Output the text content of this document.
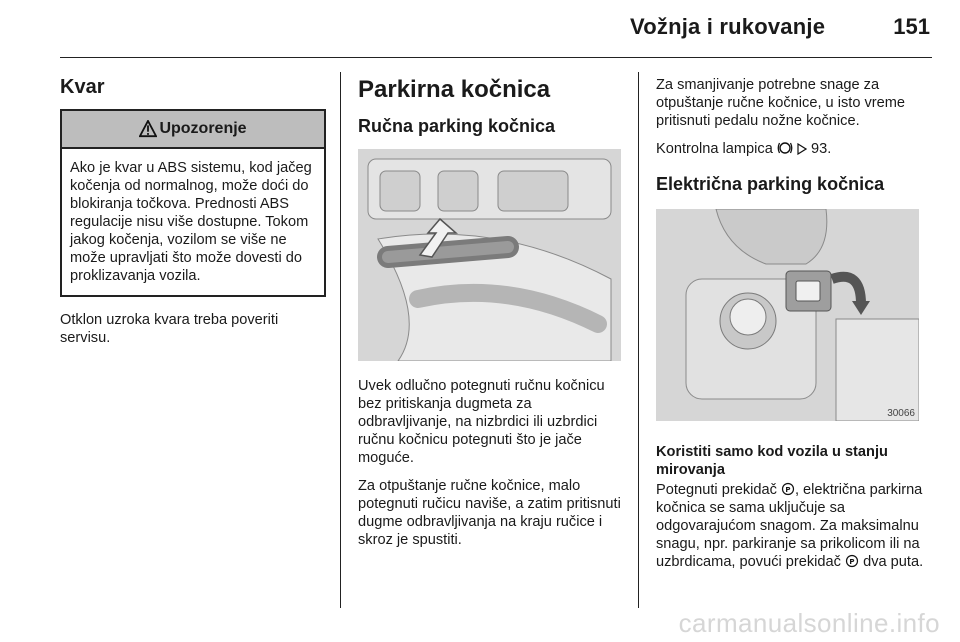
Vožnja i rukovanje	151
Kvar
Upozorenje

Ako je kvar u ABS sistemu, kod jačeg kočenja od normalnog, može doći do blokiranja točkova. Prednosti ABS regulacije nisu više dostupne. Tokom jakog kočenja, vozilom se više ne može upravljati što može dovesti do proklizavanja vozila.

Otklon uzroka kvara treba poveriti servisu.

Parkirna kočnica
Ručna parking kočnica

Uvek odlučno potegnuti ručnu kočnicu bez pritiskanja dugmeta za odbravljivanje, na nizbrdici ili uzbrdici ručnu kočnicu potegnuti što je jače moguće.

Za otpuštanje ručne kočnice, malo potegnuti ručicu naviše, a zatim pritisnuti dugme odbravljivanja na kraju ručice i skroz je spustiti.

Za smanjivanje potrebne snage za otpuštanje ručne kočnice, u isto vreme pritisnuti pedalu nožne kočnice.

Kontrolna lampica	93.

Električna parking kočnica
30066

Koristiti samo kod vozila u stanju mirovanja

Potegnuti prekidač P , električna parkirna kočnica se sama uključuje sa odgovarajućom snagom. Za maksimalnu snagu, npr. parkiranje sa prikolicom ili na uzbrdicama, povući prekidač P dva puta.

carmanualsonline.info
